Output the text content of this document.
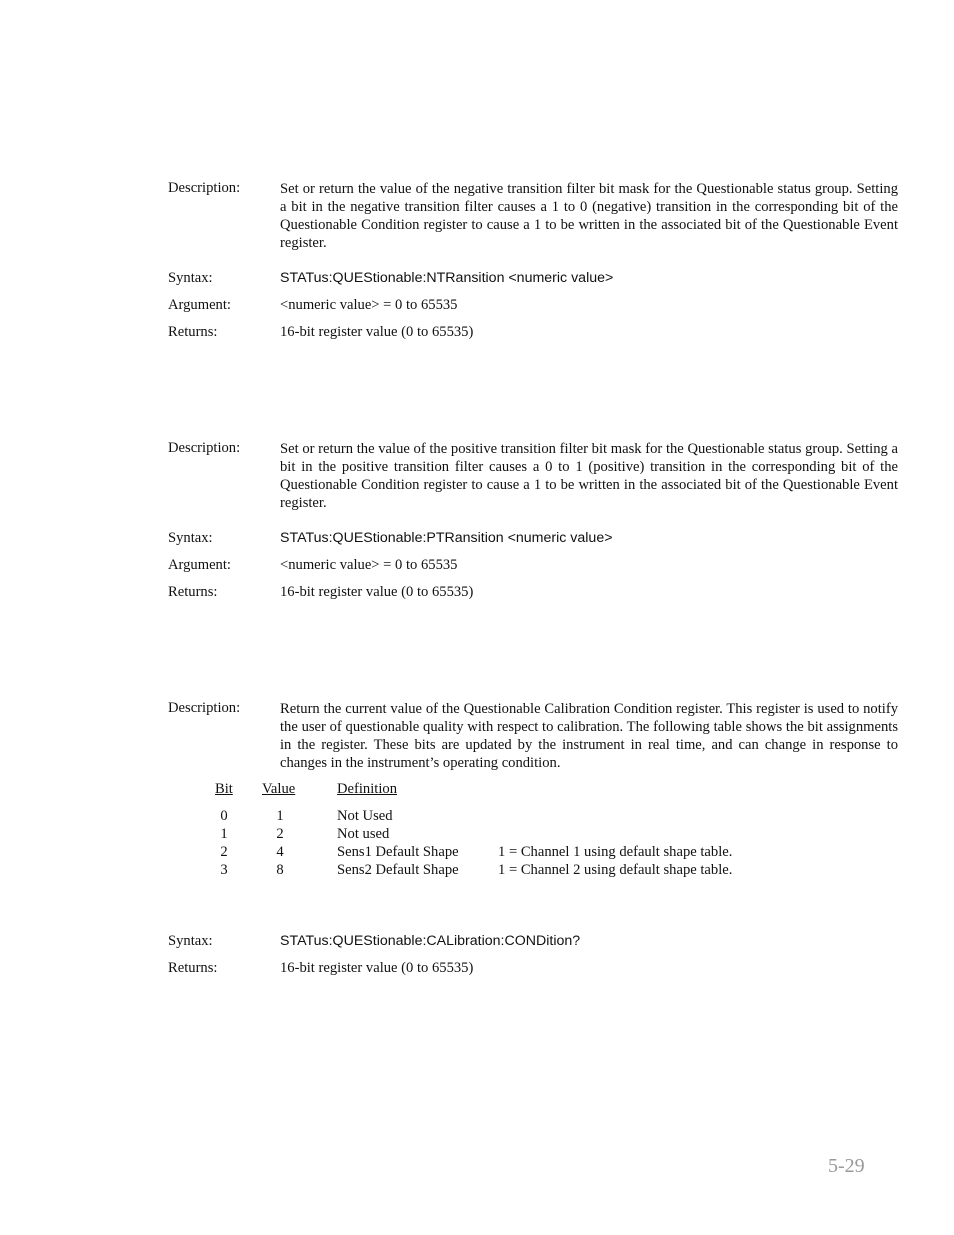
Description:	Set or return the value of the negative transition filter bit mask for the Questionable status group. Setting a bit in the negative transition filter causes a 1 to 0 (negative) transition in the corresponding bit of the Questionable Condition register to cause a 1 to be written in the associated bit of the Questionable Event register.
Syntax:	STATus:QUEStionable:NTRansition <numeric value>
Argument:	<numeric value> = 0 to 65535
Returns:	16-bit register value (0 to 65535)
Description:	Set or return the value of the positive transition filter bit mask for the Questionable status group. Setting a bit in the positive transition filter causes a 0 to 1 (positive) transition in the corresponding bit of the Questionable Condition register to cause a 1 to be written in the associated bit of the Questionable Event register.
Syntax:	STATus:QUEStionable:PTRansition <numeric value>
Argument:	<numeric value> = 0 to 65535
Returns:	16-bit register value (0 to 65535)
Description:	Return the current value of the Questionable Calibration Condition register. This register is used to notify the user of questionable quality with respect to calibration. The following table shows the bit assignments in the register. These bits are updated by the instrument in real time, and can change in response to changes in the instrument’s operating condition.
Bit Value	Definition
0	1	Not Used
1	2	Not used
2	4	Sens1 Default Shape	1 = Channel 1 using default shape table.
3	8	Sens2 Default Shape	1 = Channel 2 using default shape table.
Syntax:	STATus:QUEStionable:CALibration:CONDition?
Returns:	16-bit register value (0 to 65535)
5-29
